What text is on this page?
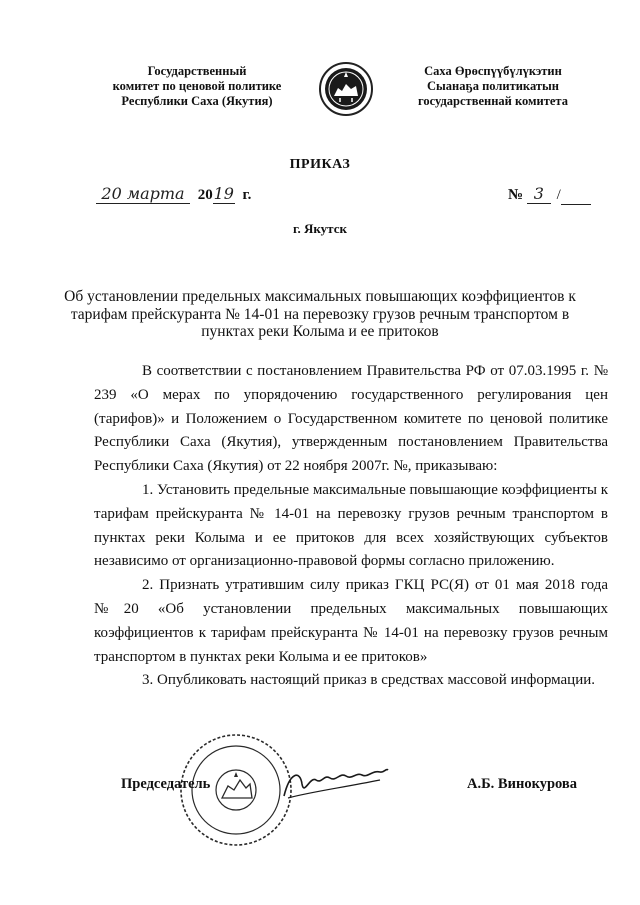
Государственный
комитет по ценовой политике
Республики Саха (Якутия)
Саха Өрөспүүбүлүкэтин
Сыанаҕа политикатын
государственнай комитета
ПРИКАЗ
20 марта 2019 г.	№ 3 /
г. Якутск
Об установлении предельных максимальных повышающих коэффициентов к
тарифам прейскуранта № 14-01 на перевозку грузов речным транспортом в
пунктах реки Колыма и ее притоков

В соответствии с постановлением Правительства РФ от 07.03.1995 г. № 239 «О мерах по упорядочению государственного регулирования цен (тарифов)» и Положением о Государственном комитете по ценовой политике Республики Саха (Якутия), утвержденным постановлением Правительства Республики Саха (Якутия) от 22 ноября 2007г. №, приказываю:

1. Установить предельные максимальные повышающие коэффициенты к тарифам прейскуранта № 14-01 на перевозку грузов речным транспортом в пунктах реки Колыма и ее притоков для всех хозяйствующих субъектов независимо от организационно-правовой формы согласно приложению.

2. Признать утратившим силу приказ ГКЦ РС(Я) от 01 мая 2018 года №20 «Об установлении предельных максимальных повышающих коэффициентов к тарифам прейскуранта № 14-01 на перевозку грузов речным транспортом в пунктах реки Колыма и ее притоков»

3. Опубликовать настоящий приказ в средствах массовой информации.

Председатель	А.Б. Винокурова
